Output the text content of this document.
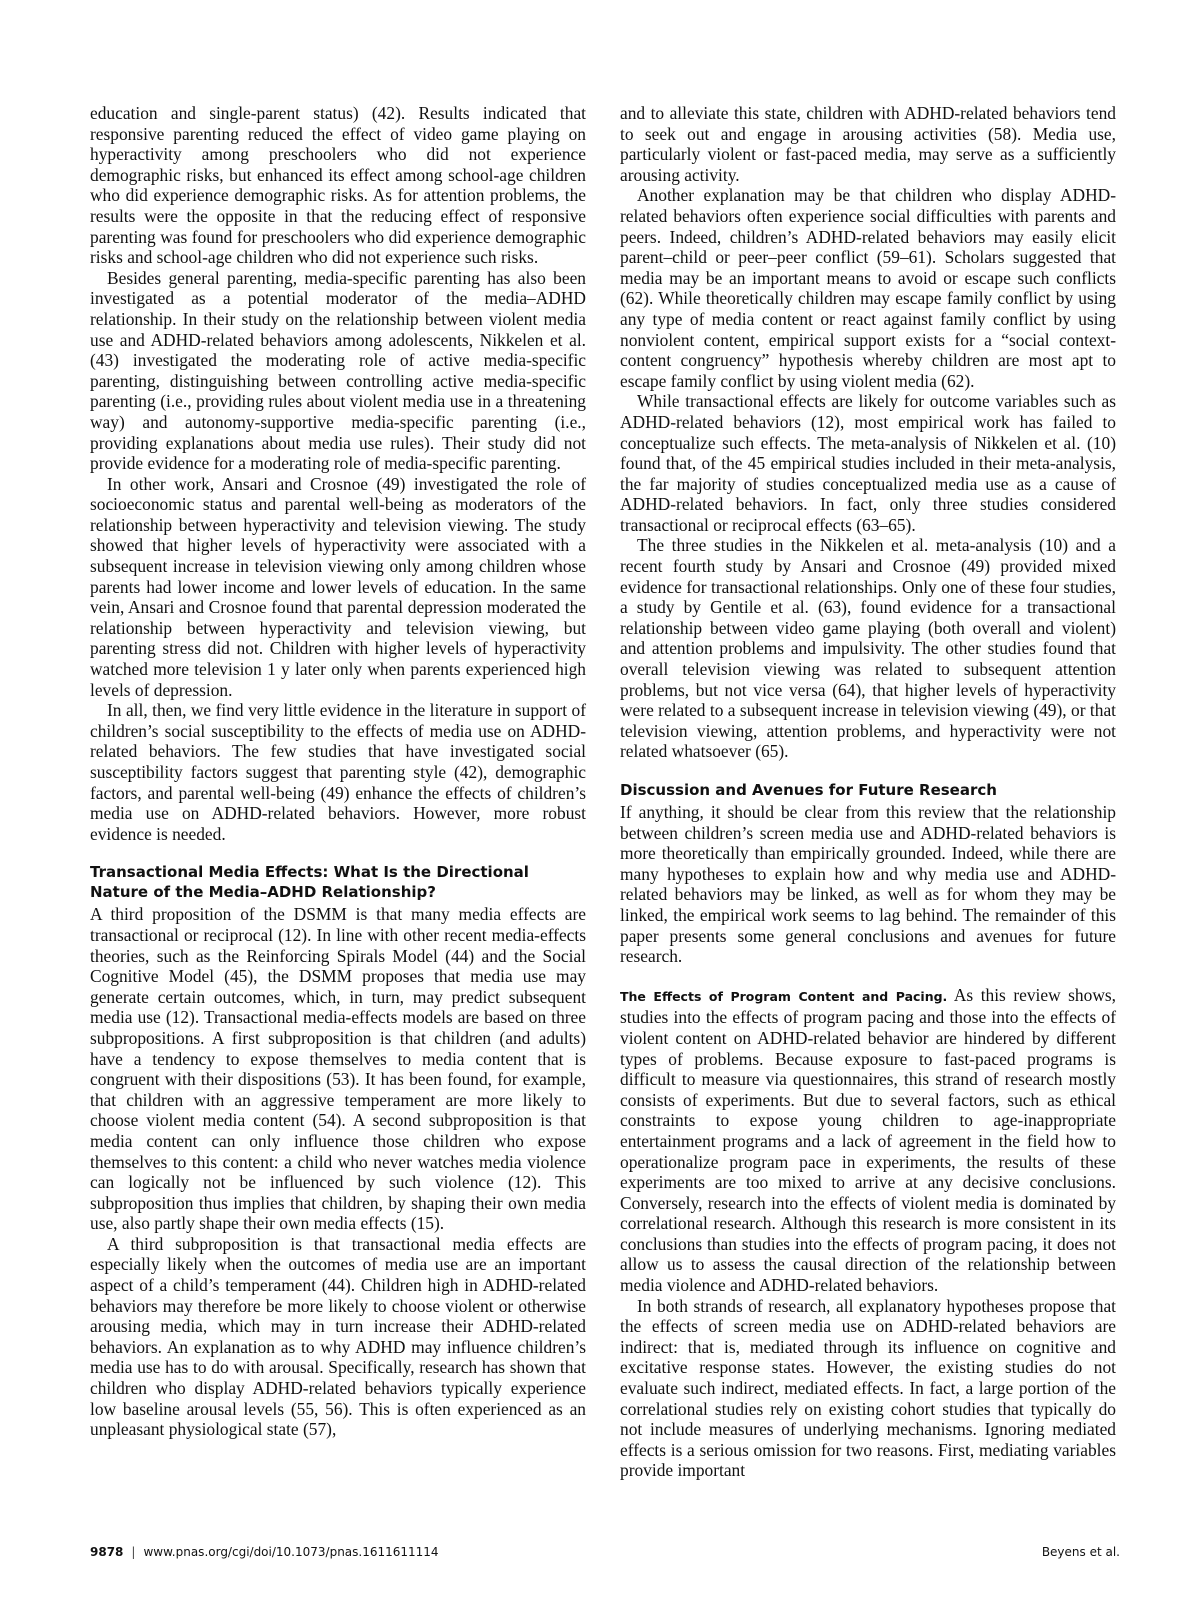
education and single-parent status) (42). Results indicated that responsive parenting reduced the effect of video game playing on hyperactivity among preschoolers who did not experience demographic risks, but enhanced its effect among school-age children who did experience demographic risks. As for attention problems, the results were the opposite in that the reducing effect of responsive parenting was found for preschoolers who did experience demographic risks and school-age children who did not experience such risks.

Besides general parenting, media-specific parenting has also been investigated as a potential moderator of the media–ADHD relationship. In their study on the relationship between violent media use and ADHD-related behaviors among adolescents, Nikkelen et al. (43) investigated the moderating role of active media-specific parenting, distinguishing between controlling active media-specific parenting (i.e., providing rules about violent media use in a threatening way) and autonomy-supportive media-specific parenting (i.e., providing explanations about media use rules). Their study did not provide evidence for a moderating role of media-specific parenting.

In other work, Ansari and Crosnoe (49) investigated the role of socioeconomic status and parental well-being as moderators of the relationship between hyperactivity and television viewing. The study showed that higher levels of hyperactivity were associated with a subsequent increase in television viewing only among children whose parents had lower income and lower levels of education. In the same vein, Ansari and Crosnoe found that parental depression moderated the relationship between hyperactivity and television viewing, but parenting stress did not. Children with higher levels of hyperactivity watched more television 1 y later only when parents experienced high levels of depression.

In all, then, we find very little evidence in the literature in support of children’s social susceptibility to the effects of media use on ADHD-related behaviors. The few studies that have investigated social susceptibility factors suggest that parenting style (42), demographic factors, and parental well-being (49) enhance the effects of children’s media use on ADHD-related behaviors. However, more robust evidence is needed.

Transactional Media Effects: What Is the Directional Nature of the Media–ADHD Relationship?

A third proposition of the DSMM is that many media effects are transactional or reciprocal (12). In line with other recent media-effects theories, such as the Reinforcing Spirals Model (44) and the Social Cognitive Model (45), the DSMM proposes that media use may generate certain outcomes, which, in turn, may predict subsequent media use (12). Transactional media-effects models are based on three subpropositions. A first subproposition is that children (and adults) have a tendency to expose themselves to media content that is congruent with their dispositions (53). It has been found, for example, that children with an aggressive temperament are more likely to choose violent media content (54). A second subproposition is that media content can only influence those children who expose themselves to this content: a child who never watches media violence can logically not be influenced by such violence (12). This subproposition thus implies that children, by shaping their own media use, also partly shape their own media effects (15).

A third subproposition is that transactional media effects are especially likely when the outcomes of media use are an important aspect of a child’s temperament (44). Children high in ADHD-related behaviors may therefore be more likely to choose violent or otherwise arousing media, which may in turn increase their ADHD-related behaviors. An explanation as to why ADHD may influence children’s media use has to do with arousal. Specifically, research has shown that children who display ADHD-related behaviors typically experience low baseline arousal levels (55, 56). This is often experienced as an unpleasant physiological state (57),

and to alleviate this state, children with ADHD-related behaviors tend to seek out and engage in arousing activities (58). Media use, particularly violent or fast-paced media, may serve as a sufficiently arousing activity.

Another explanation may be that children who display ADHD-related behaviors often experience social difficulties with parents and peers. Indeed, children’s ADHD-related behaviors may easily elicit parent–child or peer–peer conflict (59–61). Scholars suggested that media may be an important means to avoid or escape such conflicts (62). While theoretically children may escape family conflict by using any type of media content or react against family conflict by using nonviolent content, empirical support exists for a “social context-content congruency” hypothesis whereby children are most apt to escape family conflict by using violent media (62).

While transactional effects are likely for outcome variables such as ADHD-related behaviors (12), most empirical work has failed to conceptualize such effects. The meta-analysis of Nikkelen et al. (10) found that, of the 45 empirical studies included in their meta-analysis, the far majority of studies conceptualized media use as a cause of ADHD-related behaviors. In fact, only three studies considered transactional or reciprocal effects (63–65).

The three studies in the Nikkelen et al. meta-analysis (10) and a recent fourth study by Ansari and Crosnoe (49) provided mixed evidence for transactional relationships. Only one of these four studies, a study by Gentile et al. (63), found evidence for a transactional relationship between video game playing (both overall and violent) and attention problems and impulsivity. The other studies found that overall television viewing was related to subsequent attention problems, but not vice versa (64), that higher levels of hyperactivity were related to a subsequent increase in television viewing (49), or that television viewing, attention problems, and hyperactivity were not related whatsoever (65).

Discussion and Avenues for Future Research

If anything, it should be clear from this review that the relationship between children’s screen media use and ADHD-related behaviors is more theoretically than empirically grounded. Indeed, while there are many hypotheses to explain how and why media use and ADHD-related behaviors may be linked, as well as for whom they may be linked, the empirical work seems to lag behind. The remainder of this paper presents some general conclusions and avenues for future research.

The Effects of Program Content and Pacing. As this review shows, studies into the effects of program pacing and those into the effects of violent content on ADHD-related behavior are hindered by different types of problems. Because exposure to fast-paced programs is difficult to measure via questionnaires, this strand of research mostly consists of experiments. But due to several factors, such as ethical constraints to expose young children to age-inappropriate entertainment programs and a lack of agreement in the field how to operationalize program pace in experiments, the results of these experiments are too mixed to arrive at any decisive conclusions. Conversely, research into the effects of violent media is dominated by correlational research. Although this research is more consistent in its conclusions than studies into the effects of program pacing, it does not allow us to assess the causal direction of the relationship between media violence and ADHD-related behaviors.

In both strands of research, all explanatory hypotheses propose that the effects of screen media use on ADHD-related behaviors are indirect: that is, mediated through its influence on cognitive and excitative response states. However, the existing studies do not evaluate such indirect, mediated effects. In fact, a large portion of the correlational studies rely on existing cohort studies that typically do not include measures of underlying mechanisms. Ignoring mediated effects is a serious omission for two reasons. First, mediating variables provide important

9878 | www.pnas.org/cgi/doi/10.1073/pnas.1611611114	Beyens et al.
